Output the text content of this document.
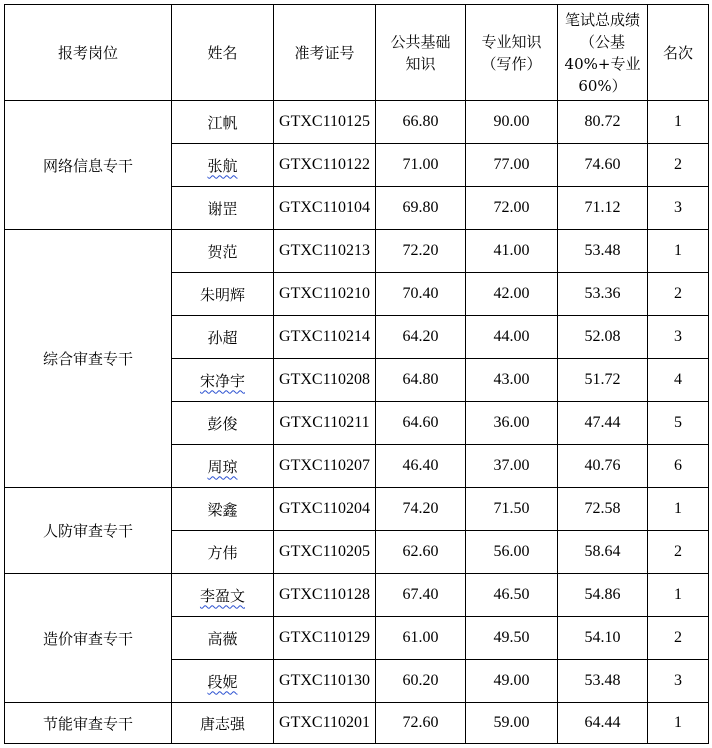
报考岗位	姓名	准考证号	公共基础知识	专业知识（写作）	笔试总成绩（公基40%+专业60%）	名次
网络信息专干	江帆	GTXC110125	66.80	90.00	80.72	1
	张航	GTXC110122	71.00	77.00	74.60	2
	谢罡	GTXC110104	69.80	72.00	71.12	3
综合审查专干	贺范	GTXC110213	72.20	41.00	53.48	1
	朱明辉	GTXC110210	70.40	42.00	53.36	2
	孙超	GTXC110214	64.20	44.00	52.08	3
	宋净宇	GTXC110208	64.80	43.00	51.72	4
	彭俊	GTXC110211	64.60	36.00	47.44	5
	周琼	GTXC110207	46.40	37.00	40.76	6
人防审查专干	梁鑫	GTXC110204	74.20	71.50	72.58	1
	方伟	GTXC110205	62.60	56.00	58.64	2
造价审查专干	李盈文	GTXC110128	67.40	46.50	54.86	1
	高薇	GTXC110129	61.00	49.50	54.10	2
	段妮	GTXC110130	60.20	49.00	53.48	3
节能审查专干	唐志强	GTXC110201	72.60	59.00	64.44	1
